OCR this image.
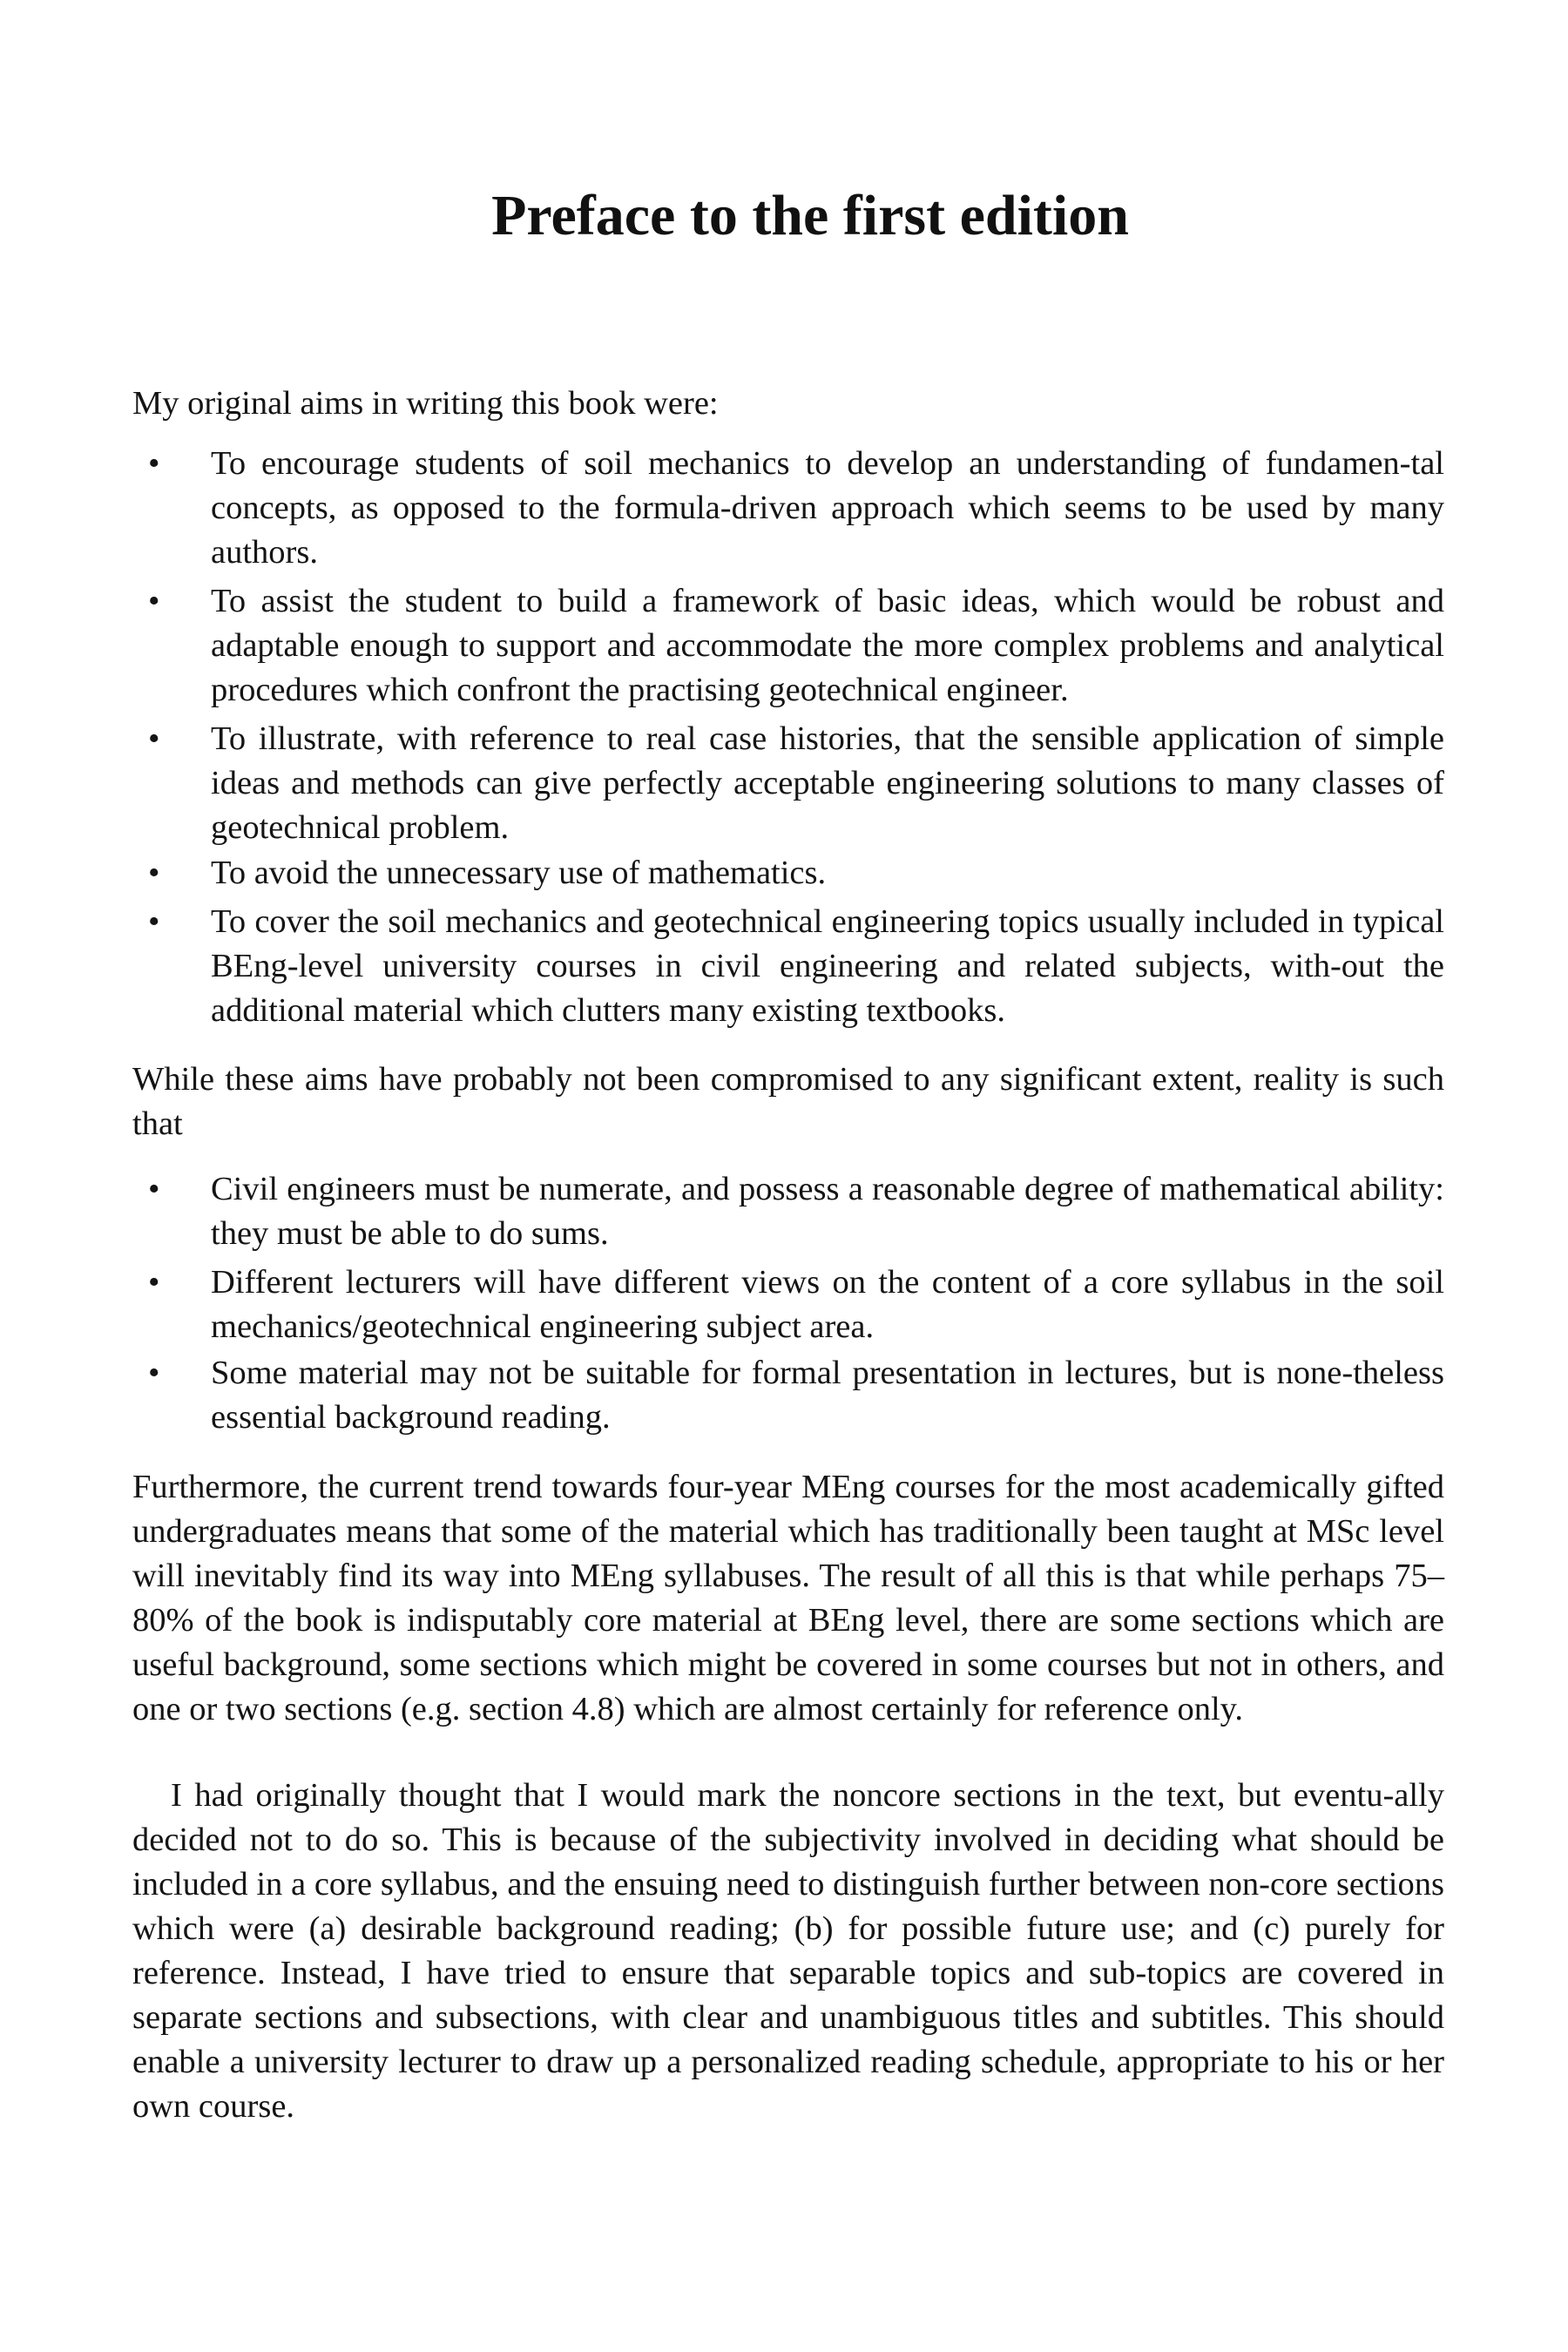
Preface to the first edition

My original aims in writing this book were:

• To encourage students of soil mechanics to develop an understanding of fundamen-tal concepts, as opposed to the formula-driven approach which seems to be used by many authors.
• To assist the student to build a framework of basic ideas, which would be robust and adaptable enough to support and accommodate the more complex problems and analytical procedures which confront the practising geotechnical engineer.
• To illustrate, with reference to real case histories, that the sensible application of simple ideas and methods can give perfectly acceptable engineering solutions to many classes of geotechnical problem.
• To avoid the unnecessary use of mathematics.
• To cover the soil mechanics and geotechnical engineering topics usually included in typical BEng-level university courses in civil engineering and related subjects, with-out the additional material which clutters many existing textbooks.

While these aims have probably not been compromised to any significant extent, reality is such that

• Civil engineers must be numerate, and possess a reasonable degree of mathematical ability: they must be able to do sums.
• Different lecturers will have different views on the content of a core syllabus in the soil mechanics/geotechnical engineering subject area.
• Some material may not be suitable for formal presentation in lectures, but is none-theless essential background reading.

Furthermore, the current trend towards four-year MEng courses for the most academically gifted undergraduates means that some of the material which has traditionally been taught at MSc level will inevitably find its way into MEng syllabuses. The result of all this is that while perhaps 75–80% of the book is indisputably core material at BEng level, there are some sections which are useful background, some sections which might be covered in some courses but not in others, and one or two sections (e.g. section 4.8) which are almost certainly for reference only.

I had originally thought that I would mark the noncore sections in the text, but eventu-ally decided not to do so. This is because of the subjectivity involved in deciding what should be included in a core syllabus, and the ensuing need to distinguish further between non-core sections which were (a) desirable background reading; (b) for possible future use; and (c) purely for reference. Instead, I have tried to ensure that separable topics and sub-topics are covered in separate sections and subsections, with clear and unambiguous titles and subtitles. This should enable a university lecturer to draw up a personalized reading schedule, appropriate to his or her own course.
